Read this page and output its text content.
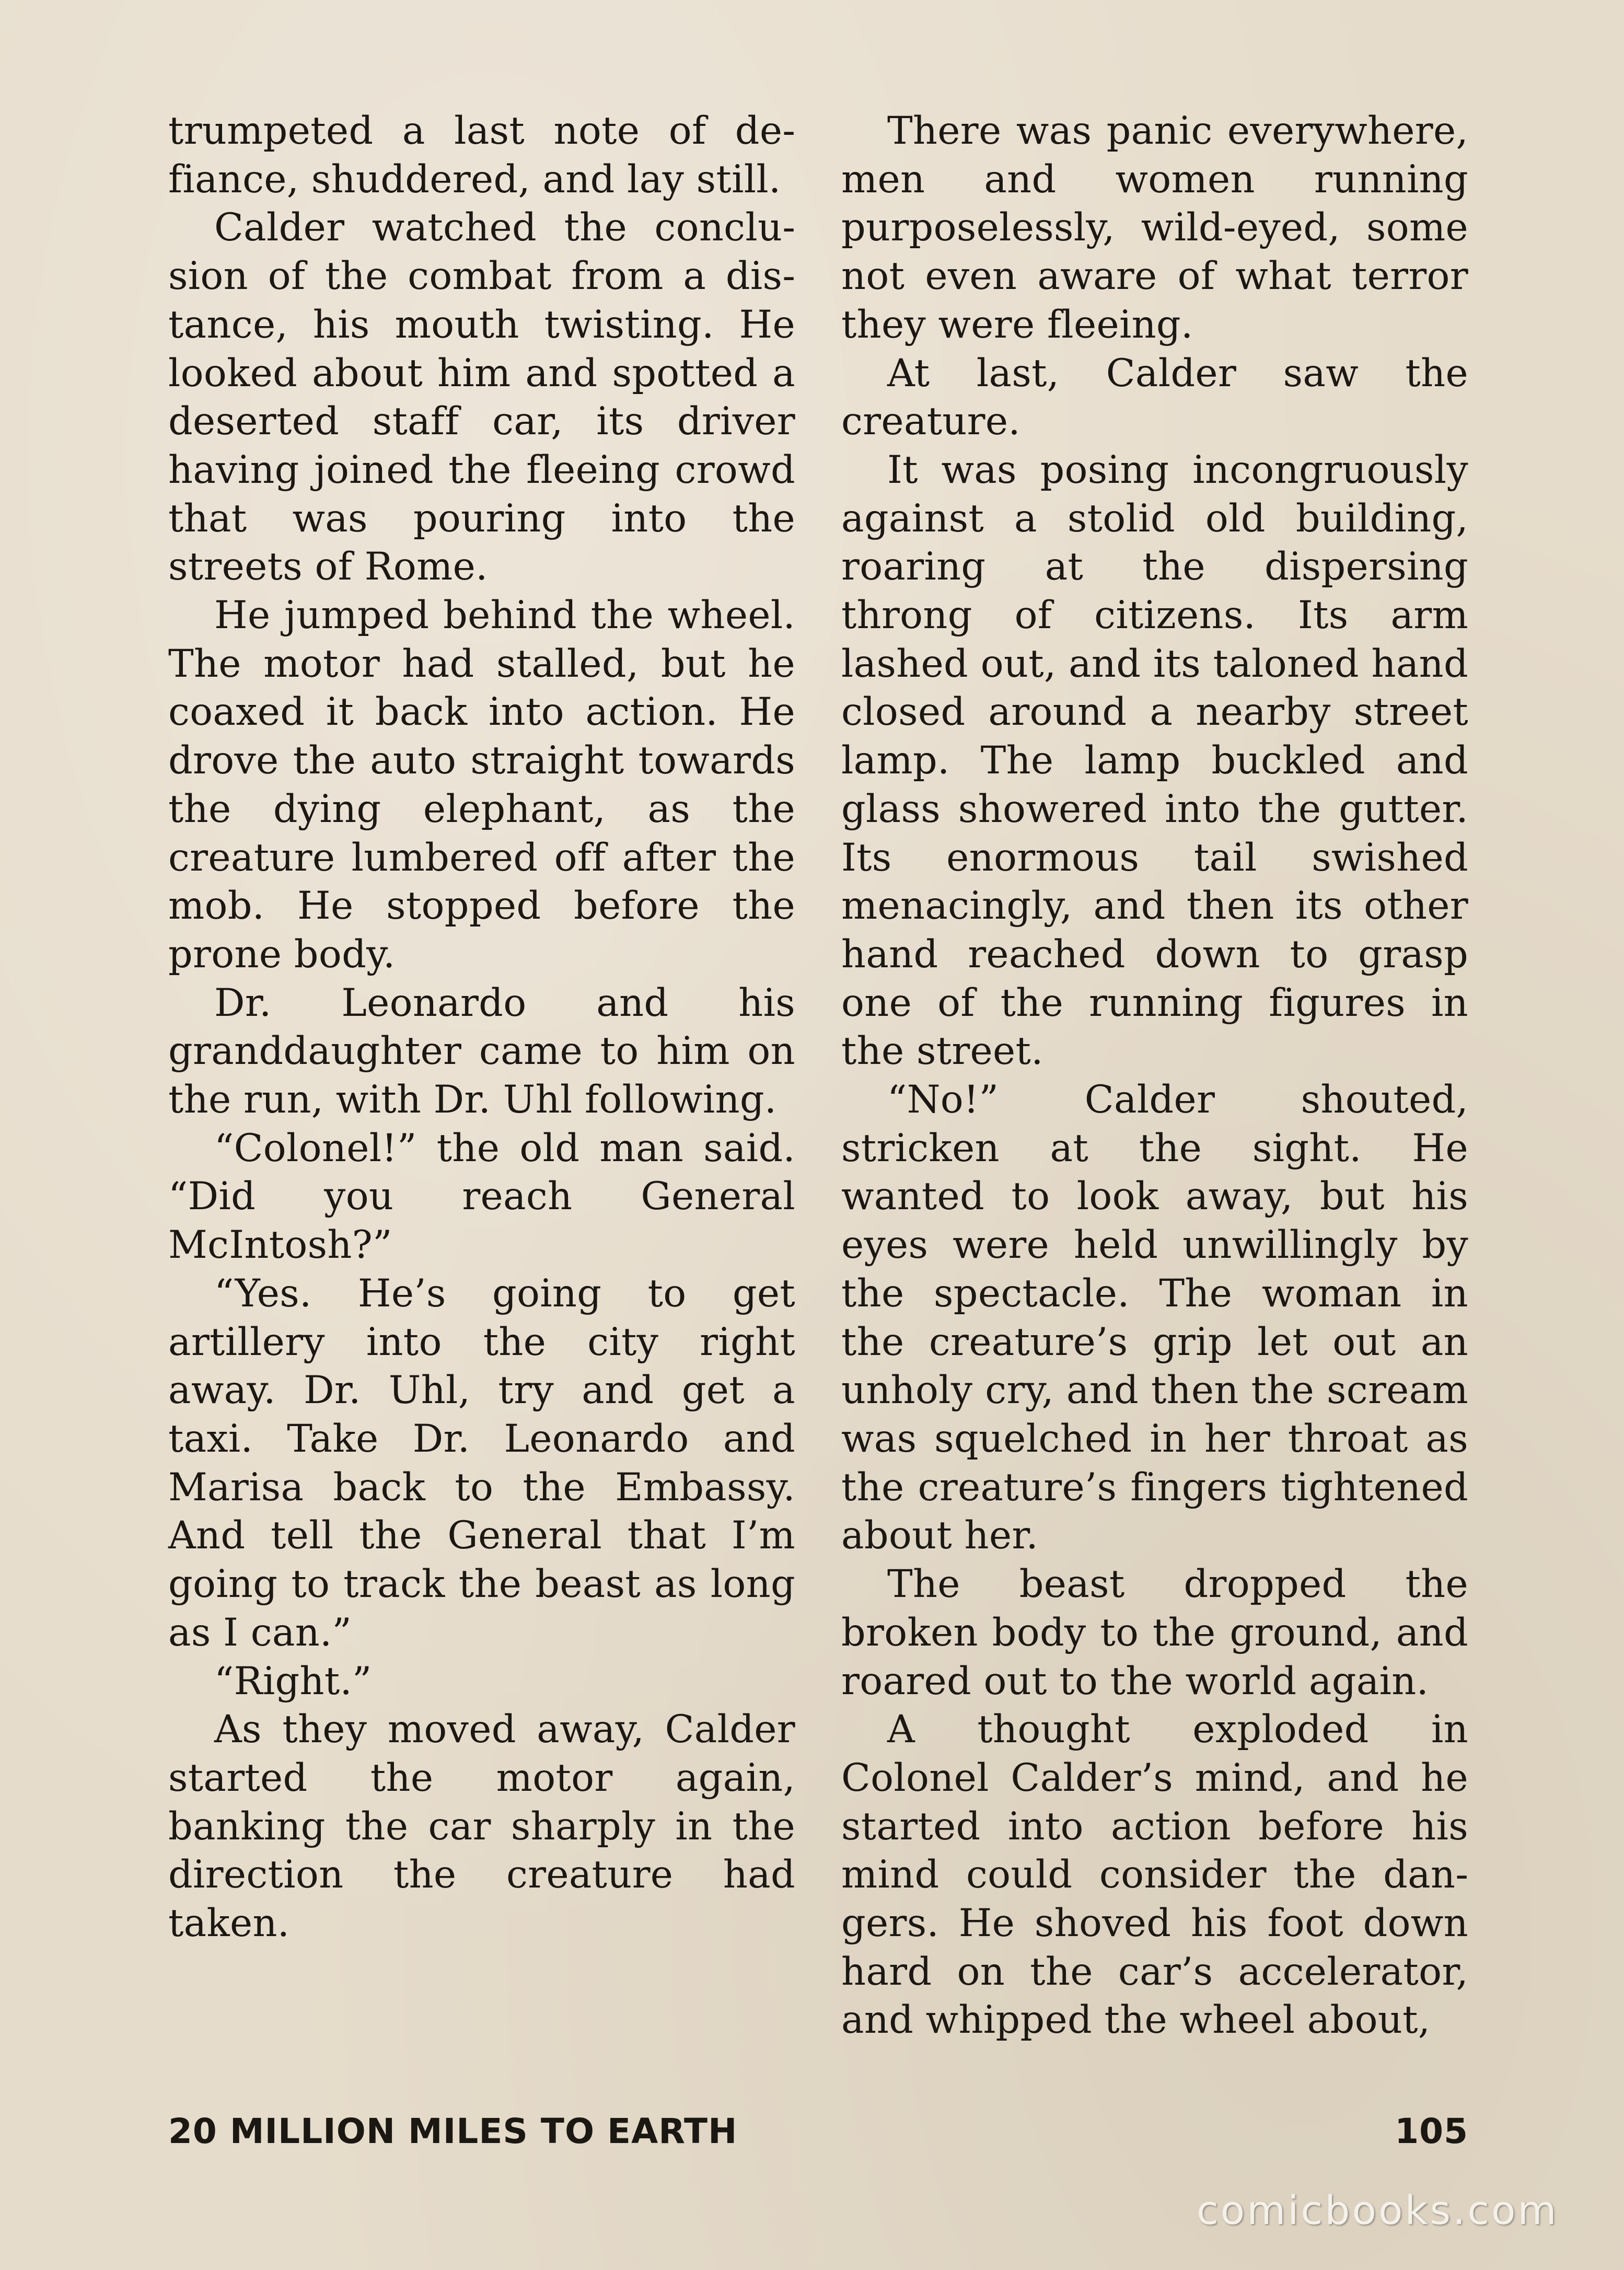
trumpeted a last note of defiance, shuddered, and lay still.

Calder watched the conclusion of the combat from a distance, his mouth twisting. He looked about him and spotted a deserted staff car, its driver having joined the fleeing crowd that was pouring into the streets of Rome.

He jumped behind the wheel. The motor had stalled, but he coaxed it back into action. He drove the auto straight towards the dying elephant, as the creature lumbered off after the mob. He stopped before the prone body.

Dr. Leonardo and his granddaughter came to him on the run, with Dr. Uhl following.

“Colonel!” the old man said. “Did you reach General McIntosh?”

“Yes. He’s going to get artillery into the city right away. Dr. Uhl, try and get a taxi. Take Dr. Leonardo and Marisa back to the Embassy. And tell the General that I’m going to track the beast as long as I can.”

“Right.”

As they moved away, Calder started the motor again, banking the car sharply in the direction the creature had taken.

There was panic everywhere, men and women running purposelessly, wild-eyed, some not even aware of what terror they were fleeing.

At last, Calder saw the creature.

It was posing incongruously against a stolid old building, roaring at the dispersing throng of citizens. Its arm lashed out, and its taloned hand closed around a nearby street lamp. The lamp buckled and glass showered into the gutter. Its enormous tail swished menacingly, and then its other hand reached down to grasp one of the running figures in the street.

“No!” Calder shouted, stricken at the sight. He wanted to look away, but his eyes were held unwillingly by the spectacle. The woman in the creature’s grip let out an unholy cry, and then the scream was squelched in her throat as the creature’s fingers tightened about her.

The beast dropped the broken body to the ground, and roared out to the world again.

A thought exploded in Colonel Calder’s mind, and he started into action before his mind could consider the dangers. He shoved his foot down hard on the car’s accelerator, and whipped the wheel about,

20 MILLION MILES TO EARTH	105
comicbooks.com
